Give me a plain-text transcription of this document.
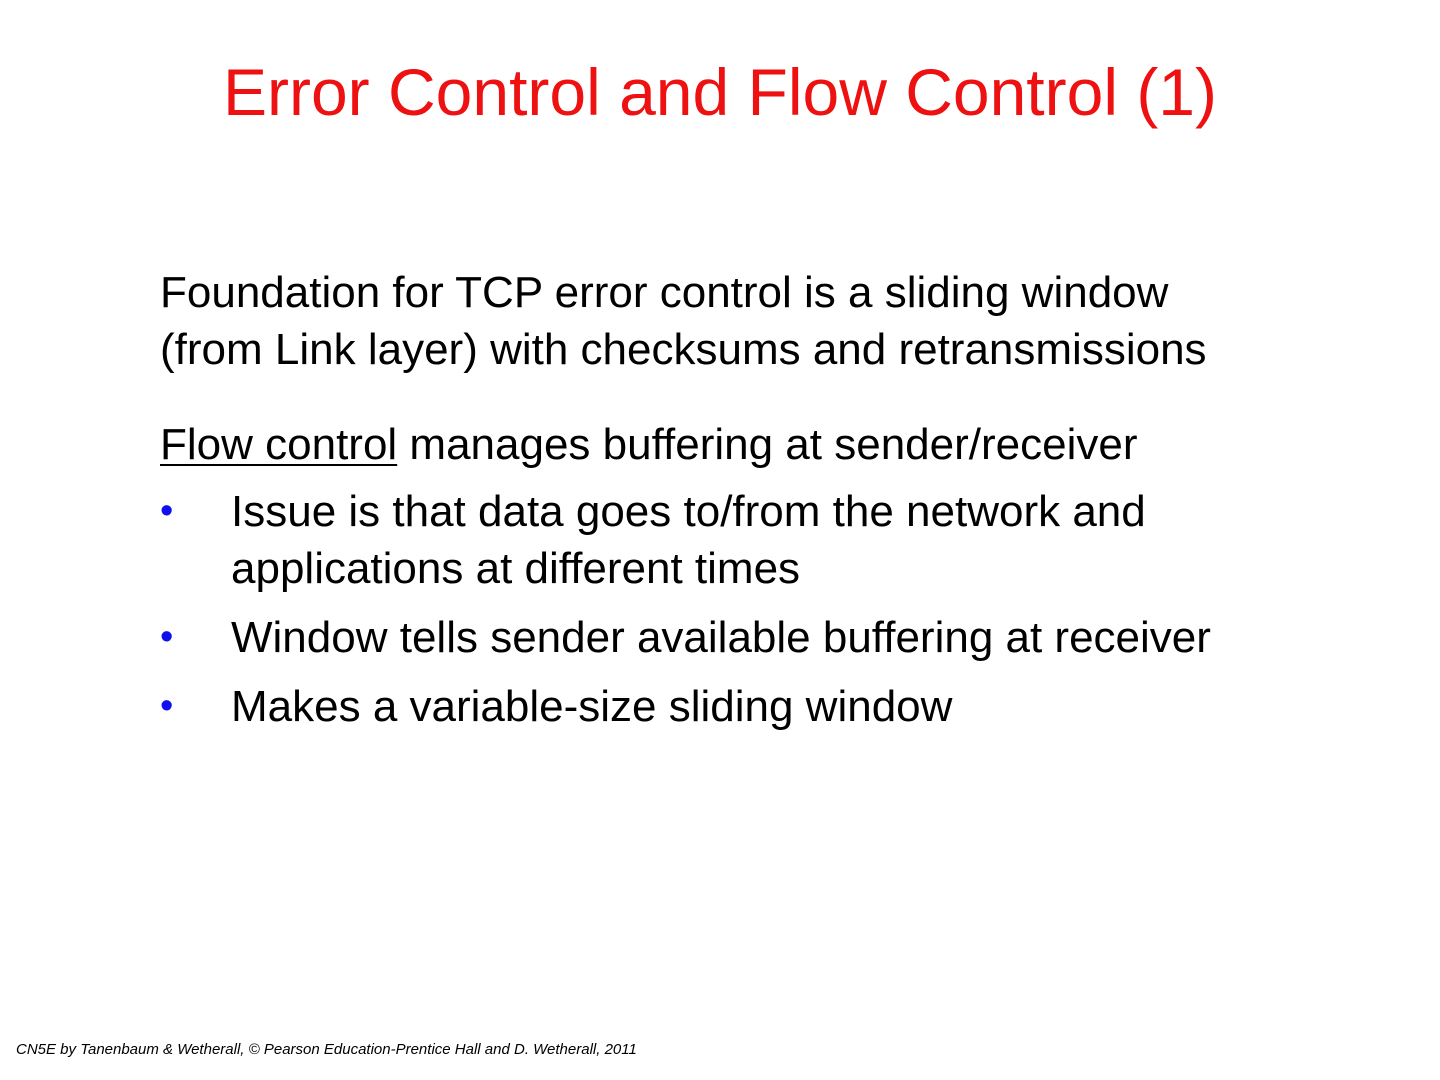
Error Control and Flow Control (1)

Foundation for TCP error control is a sliding window
(from Link layer) with checksums and retransmissions

Flow control manages buffering at sender/receiver

• Issue is that data goes to/from the network and
applications at different times
• Window tells sender available buffering at receiver
• Makes a variable-size sliding window
CN5E by Tanenbaum & Wetherall, © Pearson Education-Prentice Hall and D. Wetherall, 2011
